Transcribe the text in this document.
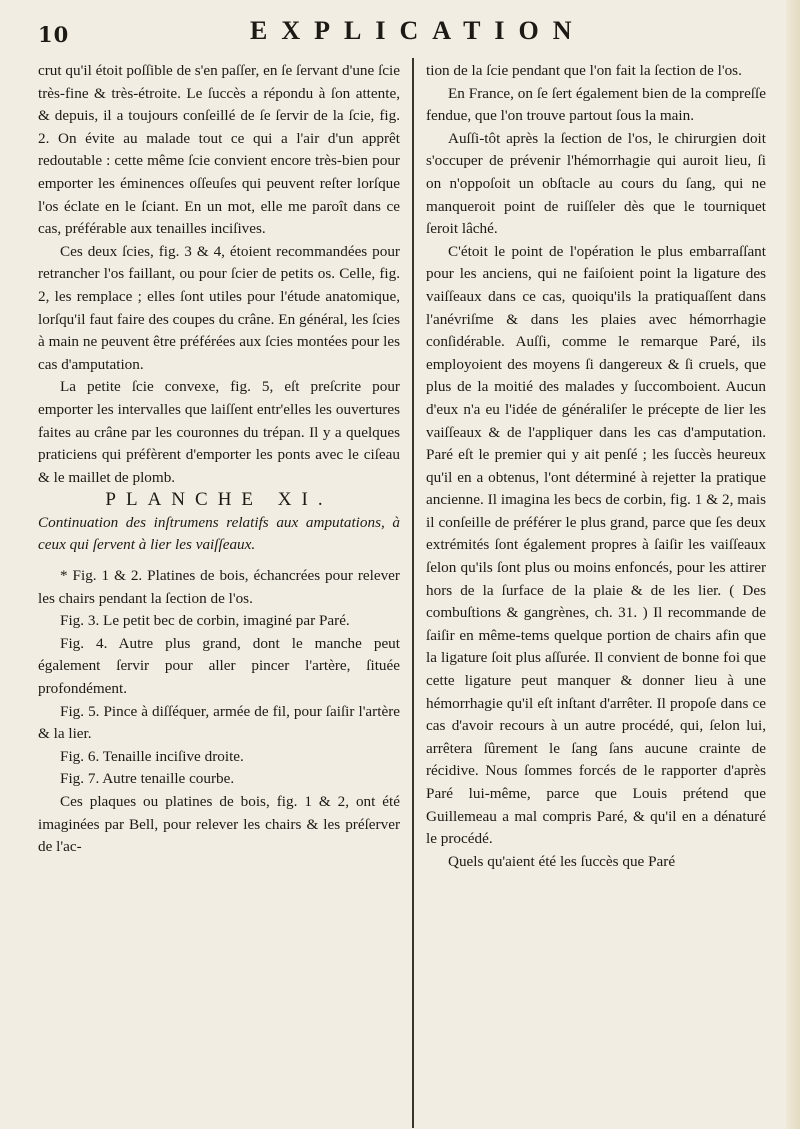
10	EXPLICATION

crut qu'il étoit poſſible de s'en paſſer, en ſe ſervant d'une ſcie très-fine & très-étroite. Le ſuccès a répondu à ſon attente, & depuis, il a toujours conſeillé de ſe ſervir de la ſcie, fig. 2. On évite au malade tout ce qui a l'air d'un apprêt redoutable : cette même ſcie convient encore très-bien pour emporter les éminences oſſeuſes qui peuvent reſter lorſque l'os éclate en le ſciant. En un mot, elle me paroît dans ce cas, préférable aux tenailles inciſives.

Ces deux ſcies, fig. 3 & 4, étoient recommandées pour retrancher l'os faillant, ou pour ſcier de petits os. Celle, fig. 2, les remplace ; elles ſont utiles pour l'étude anatomique, lorſqu'il faut faire des coupes du crâne. En général, les ſcies à main ne peuvent être préférées aux ſcies montées pour les cas d'amputation.

La petite ſcie convexe, fig. 5, eſt preſcrite pour emporter les intervalles que laiſſent entr'elles les ouvertures faites au crâne par les couronnes du trépan. Il y a quelques praticiens qui préfèrent d'emporter les ponts avec le ciſeau & le maillet de plomb.

PLANCHE XI.

Continuation des inſtrumens relatifs aux amputations, à ceux qui ſervent à lier les vaiſſeaux.

* Fig. 1 & 2. Platines de bois, échancrées pour relever les chairs pendant la ſection de l'os.

Fig. 3. Le petit bec de corbin, imaginé par Paré.

Fig. 4. Autre plus grand, dont le manche peut également ſervir pour aller pincer l'artère, ſituée profondément.

Fig. 5. Pince à diſſéquer, armée de fil, pour ſaiſir l'artère & la lier.

Fig. 6. Tenaille inciſive droite.

Fig. 7. Autre tenaille courbe.

Ces plaques ou platines de bois, fig. 1 & 2, ont été imaginées par Bell, pour relever les chairs & les préſerver de l'ac-

tion de la ſcie pendant que l'on fait la ſection de l'os.

En France, on ſe ſert également bien de la compreſſe fendue, que l'on trouve partout ſous la main.

Auſſi-tôt après la ſection de l'os, le chirurgien doit s'occuper de prévenir l'hémorrhagie qui auroit lieu, ſi on n'oppoſoit un obſtacle au cours du ſang, qui ne manqueroit point de ruiſſeler dès que le tourniquet ſeroit lâché.

C'étoit le point de l'opération le plus embarraſſant pour les anciens, qui ne faiſoient point la ligature des vaiſſeaux dans ce cas, quoiqu'ils la pratiquaſſent dans l'anévriſme & dans les plaies avec hémorrhagie conſidérable. Auſſi, comme le remarque Paré, ils employoient des moyens ſi dangereux & ſi cruels, que plus de la moitié des malades y ſuccomboient. Aucun d'eux n'a eu l'idée de généraliſer le précepte de lier les vaiſſeaux & de l'appliquer dans les cas d'amputation. Paré eſt le premier qui y ait penſé ; les ſuccès heureux qu'il en a obtenus, l'ont déterminé à rejetter la pratique ancienne. Il imagina les becs de corbin, fig. 1 & 2, mais il conſeille de préférer le plus grand, parce que ſes deux extrémités ſont également propres à ſaiſir les vaiſſeaux ſelon qu'ils ſont plus ou moins enfoncés, pour les attirer hors de la ſurface de la plaie & de les lier. ( Des combuſtions & gangrènes, ch. 31. ) Il recommande de ſaiſir en même-tems quelque portion de chairs afin que la ligature ſoit plus aſſurée. Il convient de bonne foi que cette ligature peut manquer & donner lieu à une hémorrhagie qu'il eſt inſtant d'arrêter. Il propoſe dans ce cas d'avoir recours à un autre procédé, qui, ſelon lui, arrêtera ſûrement le ſang ſans aucune crainte de récidive. Nous ſommes forcés de le rapporter d'après Paré lui-même, parce que Louis prétend que Guillemeau a mal compris Paré, & qu'il en a dénaturé le procédé.

Quels qu'aient été les ſuccès que Paré
